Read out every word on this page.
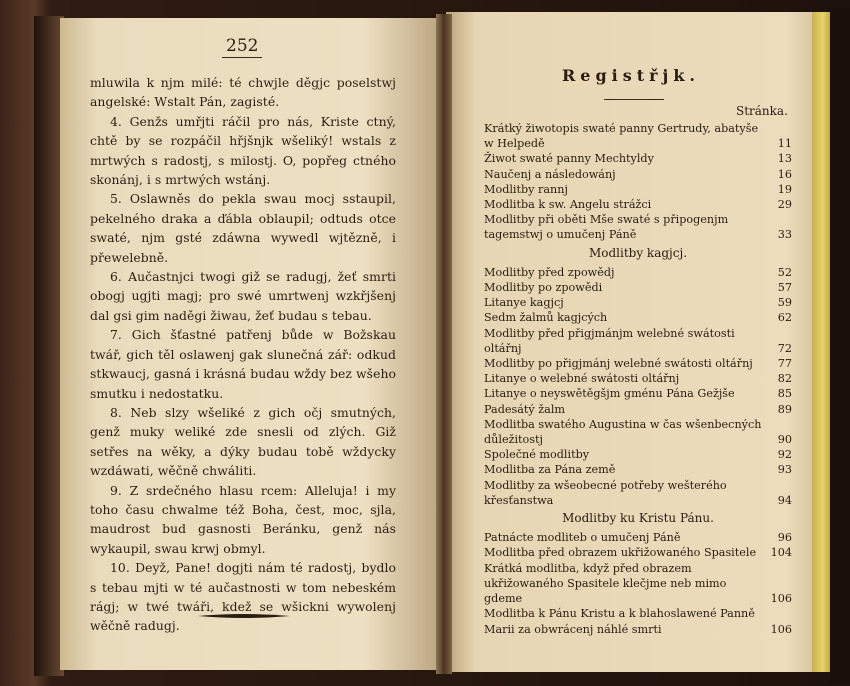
252

mluwila k njm milé: té chwjle děgjc poselstwj angelské: Wstalt Pán, zagisté.

4. Genžs umřjti ráčil pro nás, Kriste ctný, chtě by se rozpáčil hřjšnjk wšeliký! wstals z mrtwých s radostj, s milostj. O, popřeg ctného skonánj, i s mrtwých wstánj.

5. Oslawněs do pekla swau mocj sstaupil, pekelného draka a ďábla oblaupil; odtuds otce swaté, njm gsté zdáwna wywedl wjtězně, i přewelebně.

6. Aučastnjci twogi giž se radugj, žeť smrti obogj ugjti magj; pro swé umrtwenj wzkřjšenj dal gsi gim naděgi žiwau, žeť budau s tebau.

7. Gich šťastné patřenj bůde w Božskau twář, gich těl oslawenj gak slunečná zář: odkud stkwaucj, gasná i krásná budau wždy bez wšeho smutku i nedostatku.

8. Neb slzy wšeliké z gich očj smutných, genž muky weliké zde snesli od zlých. Giž setřes na wěky, a dýky budau tobě wždycky wzdáwati, wěčně chwáliti.

9. Z srdečného hlasu rcem: Alleluja! i my toho času chwalme též Boha, čest, moc, sjla, maudrost bud gasnosti Beránku, genž nás wykaupil, swau krwj obmyl.

10. Deyž, Pane! dogjti nám té radostj, bydlo s tebau mjti w té aučastnosti w tom nebeském rágj; w twé twáři, kdež se wšickni wywolenj wěčně radugj.

Registřjk.
Stránka.
Krátký žiwotopis swaté panny Gertrudy, abatyše w Helpedě	11
Žiwot swaté panny Mechtyldy	13
Naučenj a následowánj	16
Modlitby rannj	19
Modlitba k sw. Angelu strážci	29
Modlitby při oběti Mše swaté s připogenjm tagemstwj o umučenj Páně	33
Modlitby kagjcj.
Modlitby před zpowědj	52
Modlitby po zpowědi	57
Litanye kagjcj	59
Sedm žalmů kagjcých	62
Modlitby před přigjmánjm welebné swátosti oltářnj	72
Modlitby po přigjmánj welebné swátosti oltářnj	77
Litanye o welebné swátosti oltářnj	82
Litanye o neyswětěgšjm gménu Pána Gežjše	85
Padesátý žalm	89
Modlitba swatého Augustina w čas wšenbecných důležitostj	90
Společné modlitby	92
Modlitba za Pána země	93
Modlitby za wšeobecné potřeby wešterého křesťanstwa	94
Modlitby ku Kristu Pánu.
Patnácte modliteb o umučenj Páně	96
Modlitba před obrazem ukřižowaného Spasitele	104
Krátká modlitba, když před obrazem ukřižowaného Spasitele klečjme neb mimo gdeme	106
Modlitba k Pánu Kristu a k blahoslawené Panně Marii za obwrácenj náhlé smrti	106
